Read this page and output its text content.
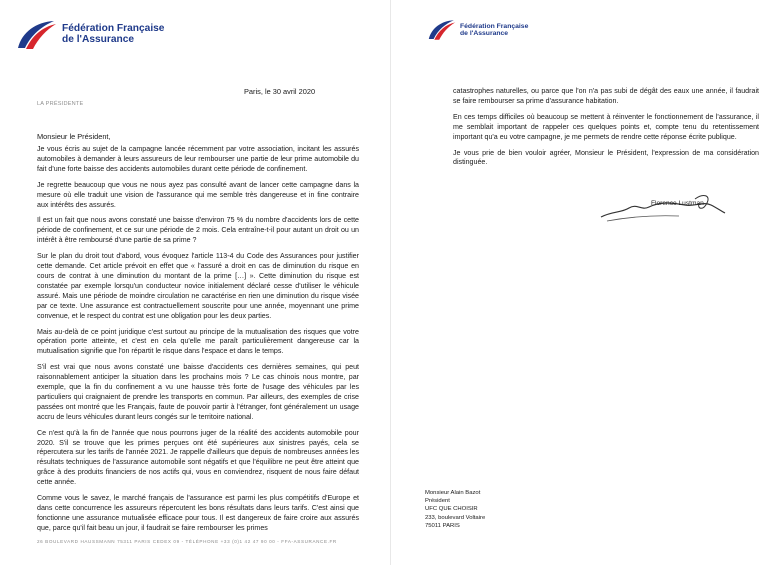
Fédération Française
de l'Assurance
Paris, le 30 avril 2020
LA PRÉSIDENTE
Monsieur le Président,

Je vous écris au sujet de la campagne lancée récemment par votre association, incitant les assurés automobiles à demander à leurs assureurs de leur rembourser une partie de leur prime automobile du fait d'une forte baisse des accidents automobiles durant cette période de confinement.

Je regrette beaucoup que vous ne nous ayez pas consulté avant de lancer cette campagne dans la mesure où elle traduit une vision de l'assurance qui me semble très dangereuse et in fine contraire aux intérêts des assurés.

Il est un fait que nous avons constaté une baisse d'environ 75 % du nombre d'accidents lors de cette période de confinement, et ce sur une période de 2 mois. Cela entraîne-t-il pour autant un droit ou un intérêt à être remboursé d'une partie de sa prime ?

Sur le plan du droit tout d'abord, vous évoquez l'article 113-4 du Code des Assurances pour justifier cette demande. Cet article prévoit en effet que « l'assuré a droit en cas de diminution du risque en cours de contrat à une diminution du montant de la prime […] ». Cette diminution du risque est constatée par exemple lorsqu'un conducteur novice initialement déclaré cesse d'utiliser le véhicule assuré. Mais une période de moindre circulation ne caractérise en rien une diminution du risque visée par ce texte. Une assurance est contractuellement souscrite pour une année, moyennant une prime convenue, et le respect du contrat est une obligation pour les deux parties.

Mais au-delà de ce point juridique c'est surtout au principe de la mutualisation des risques que votre opération porte atteinte, et c'est en cela qu'elle me paraît particulièrement dangereuse car la mutualisation signifie que l'on répartit le risque dans l'espace et dans le temps.

S'il est vrai que nous avons constaté une baisse d'accidents ces dernières semaines, qui peut raisonnablement anticiper la situation dans les prochains mois ? Le cas chinois nous montre, par exemple, que la fin du confinement a vu une hausse très forte de l'usage des véhicules par les particuliers qui craignaient de prendre les transports en commun. Par ailleurs, des exemples de crise passées ont montré que les Français, faute de pouvoir partir à l'étranger, font généralement un usage accru de leurs véhicules durant leurs congés sur le territoire national.

Ce n'est qu'à la fin de l'année que nous pourrons juger de la réalité des accidents automobile pour 2020. S'il se trouve que les primes perçues ont été supérieures aux sinistres payés, cela se répercutera sur les tarifs de l'année 2021. Je rappelle d'ailleurs que depuis de nombreuses années les résultats techniques de l'assurance automobile sont négatifs et que l'équilibre ne peut être atteint que grâce à des produits financiers de nos actifs qui, vous en conviendrez, risquent de nous faire défaut cette année.

Comme vous le savez, le marché français de l'assurance est parmi les plus compétitifs d'Europe et dans cette concurrence les assureurs répercutent les bons résultats dans leurs tarifs. C'est ainsi que fonctionne une assurance mutualisée efficace pour tous. Il est dangereux de faire croire aux assurés que, parce qu'il fait beau un jour, il faudrait se faire rembourser les primes

26 BOULEVARD HAUSSMANN 75311 PARIS CEDEX 09 - TÉLÉPHONE +33 (0)1 42 47 90 00 - FFA-ASSURANCE.FR
Fédération Française
de l'Assurance

catastrophes naturelles, ou parce que l'on n'a pas subi de dégât des eaux une année, il faudrait se faire rembourser sa prime d'assurance habitation.

En ces temps difficiles où beaucoup se mettent à réinventer le fonctionnement de l'assurance, il me semblait important de rappeler ces quelques points et, compte tenu du retentissement important qu'a eu votre campagne, je me permets de rendre cette réponse écrite publique.

Je vous prie de bien vouloir agréer, Monsieur le Président, l'expression de ma considération distinguée.

Florence Lustman
Monsieur Alain Bazot
Président
UFC QUE CHOISIR
233, boulevard Voltaire
75011 PARIS
